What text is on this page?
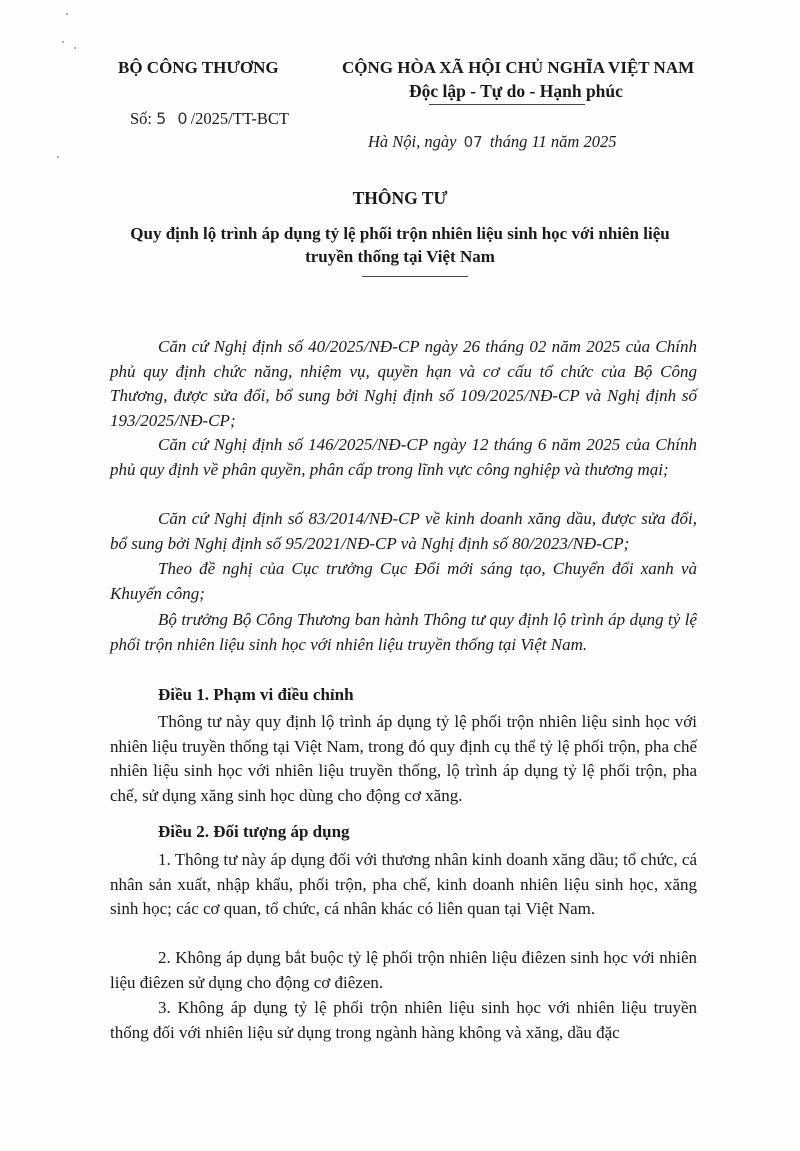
BỘ CÔNG THƯƠNG	CỘNG HÒA XÃ HỘI CHỦ NGHĨA VIỆT NAM
Độc lập - Tự do - Hạnh phúc
Số: 5 0/2025/TT-BCT
Hà Nội, ngày 07 tháng 11 năm 2025
THÔNG TƯ
Quy định lộ trình áp dụng tỷ lệ phối trộn nhiên liệu sinh học với nhiên liệu truyền thống tại Việt Nam

Căn cứ Nghị định số 40/2025/NĐ-CP ngày 26 tháng 02 năm 2025 của Chính phủ quy định chức năng, nhiệm vụ, quyền hạn và cơ cấu tổ chức của Bộ Công Thương, được sửa đổi, bổ sung bởi Nghị định số 109/2025/NĐ-CP và Nghị định số 193/2025/NĐ-CP;

Căn cứ Nghị định số 146/2025/NĐ-CP ngày 12 tháng 6 năm 2025 của Chính phủ quy định về phân quyền, phân cấp trong lĩnh vực công nghiệp và thương mại;

Căn cứ Nghị định số 83/2014/NĐ-CP về kinh doanh xăng dầu, được sửa đổi, bổ sung bởi Nghị định số 95/2021/NĐ-CP và Nghị định số 80/2023/NĐ-CP;

Theo đề nghị của Cục trưởng Cục Đổi mới sáng tạo, Chuyển đổi xanh và Khuyến công;

Bộ trưởng Bộ Công Thương ban hành Thông tư quy định lộ trình áp dụng tỷ lệ phối trộn nhiên liệu sinh học với nhiên liệu truyền thống tại Việt Nam.

Điều 1. Phạm vi điều chỉnh

Thông tư này quy định lộ trình áp dụng tỷ lệ phối trộn nhiên liệu sinh học với nhiên liệu truyền thống tại Việt Nam, trong đó quy định cụ thể tỷ lệ phối trộn, pha chế nhiên liệu sinh học với nhiên liệu truyền thống, lộ trình áp dụng tỷ lệ phối trộn, pha chế, sử dụng xăng sinh học dùng cho động cơ xăng.

Điều 2. Đối tượng áp dụng

1. Thông tư này áp dụng đối với thương nhân kinh doanh xăng dầu; tổ chức, cá nhân sản xuất, nhập khẩu, phối trộn, pha chế, kinh doanh nhiên liệu sinh học, xăng sinh học; các cơ quan, tổ chức, cá nhân khác có liên quan tại Việt Nam.

2. Không áp dụng bắt buộc tỷ lệ phối trộn nhiên liệu điêzen sinh học với nhiên liệu điêzen sử dụng cho động cơ điêzen.

3. Không áp dụng tỷ lệ phối trộn nhiên liệu sinh học với nhiên liệu truyền thống đối với nhiên liệu sử dụng trong ngành hàng không và xăng, dầu đặc
